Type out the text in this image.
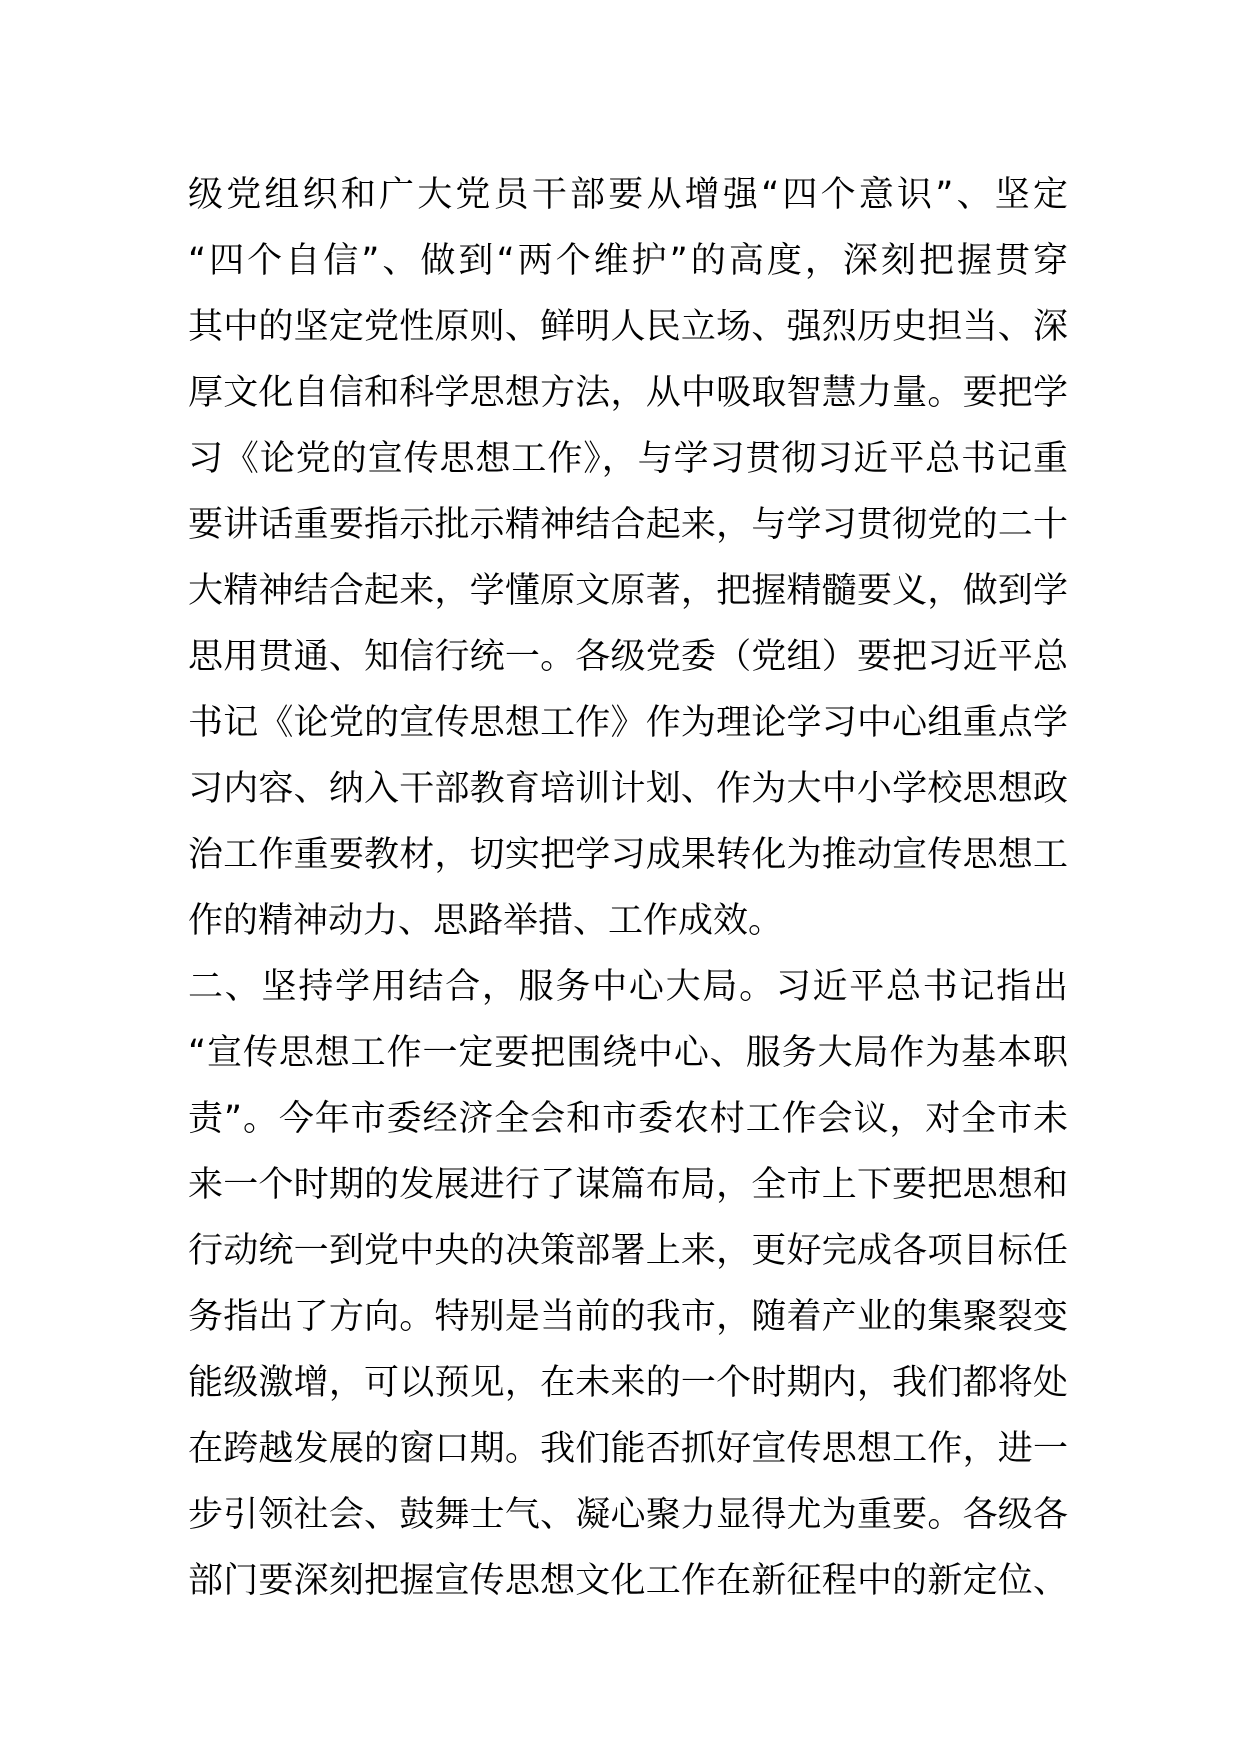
级党组织和广大党员干部要从增强“四个意识”、坚定
“四个自信”、做到“两个维护”的高度，深刻把握贯穿
其中的坚定党性原则、鲜明人民立场、强烈历史担当、深
厚文化自信和科学思想方法，从中吸取智慧力量。要把学
习《论党的宣传思想工作》，与学习贯彻习近平总书记重
要讲话重要指示批示精神结合起来，与学习贯彻党的二十
大精神结合起来，学懂原文原著，把握精髓要义，做到学
思用贯通、知信行统一。各级党委（党组）要把习近平总
书记《论党的宣传思想工作》作为理论学习中心组重点学
习内容、纳入干部教育培训计划、作为大中小学校思想政
治工作重要教材，切实把学习成果转化为推动宣传思想工
作的精神动力、思路举措、工作成效。
二、坚持学用结合，服务中心大局。习近平总书记指出
“宣传思想工作一定要把围绕中心、服务大局作为基本职
责”。今年市委经济全会和市委农村工作会议，对全市未
来一个时期的发展进行了谋篇布局，全市上下要把思想和
行动统一到党中央的决策部署上来，更好完成各项目标任
务指出了方向。特别是当前的我市，随着产业的集聚裂变
能级激增，可以预见，在未来的一个时期内，我们都将处
在跨越发展的窗口期。我们能否抓好宣传思想工作，进一
步引领社会、鼓舞士气、凝心聚力显得尤为重要。各级各
部门要深刻把握宣传思想文化工作在新征程中的新定位、
